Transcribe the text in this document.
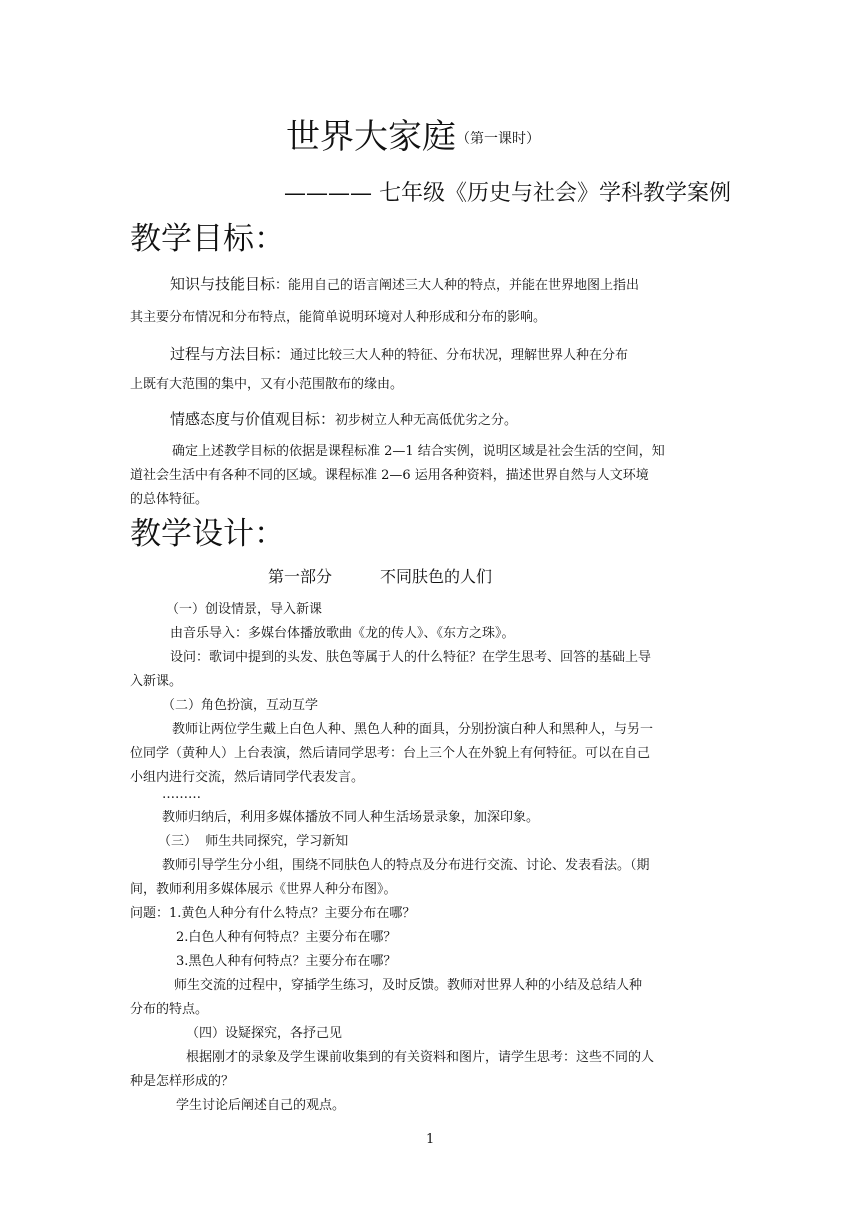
世界大家庭（第一课时）
———— 七年级《历史与社会》学科教学案例
教学目标：
知识与技能目标：能用自己的语言阐述三大人种的特点，并能在世界地图上指出
其主要分布情况和分布特点，能简单说明环境对人种形成和分布的影响。
过程与方法目标：通过比较三大人种的特征、分布状况，理解世界人种在分布
上既有大范围的集中，又有小范围散布的缘由。
情感态度与价值观目标：初步树立人种无高低优劣之分。
确定上述教学目标的依据是课程标准 2—1 结合实例，说明区域是社会生活的空间，知
道社会生活中有各种不同的区域。课程标准 2—6 运用各种资料，描述世界自然与人文环境
的总体特征。
教学设计：
第一部分	不同肤色的人们
（一）创设情景，导入新课
由音乐导入：多媒台体播放歌曲《龙的传人》、《东方之珠》。
设问：歌词中提到的头发、肤色等属于人的什么特征？在学生思考、回答的基础上导
入新课。
（二）角色扮演，互动互学
教师让两位学生戴上白色人种、黑色人种的面具，分别扮演白种人和黑种人，与另一
位同学（黄种人）上台表演，然后请同学思考：台上三个人在外貌上有何特征。可以在自己
小组内进行交流，然后请同学代表发言。
………
教师归纳后，利用多媒体播放不同人种生活场景录象，加深印象。
（三）  师生共同探究，学习新知
教师引导学生分小组，围绕不同肤色人的特点及分布进行交流、讨论、发表看法。（期
间，教师利用多媒体展示《世界人种分布图》。
问题：1.黄色人种分有什么特点？主要分布在哪？
2.白色人种有何特点？主要分布在哪？
3.黑色人种有何特点？主要分布在哪？
师生交流的过程中，穿插学生练习，及时反馈。教师对世界人种的小结及总结人种
分布的特点。
（四）设疑探究，各抒己见
根据刚才的录象及学生课前收集到的有关资料和图片，请学生思考：这些不同的人
种是怎样形成的？
学生讨论后阐述自己的观点。
1
